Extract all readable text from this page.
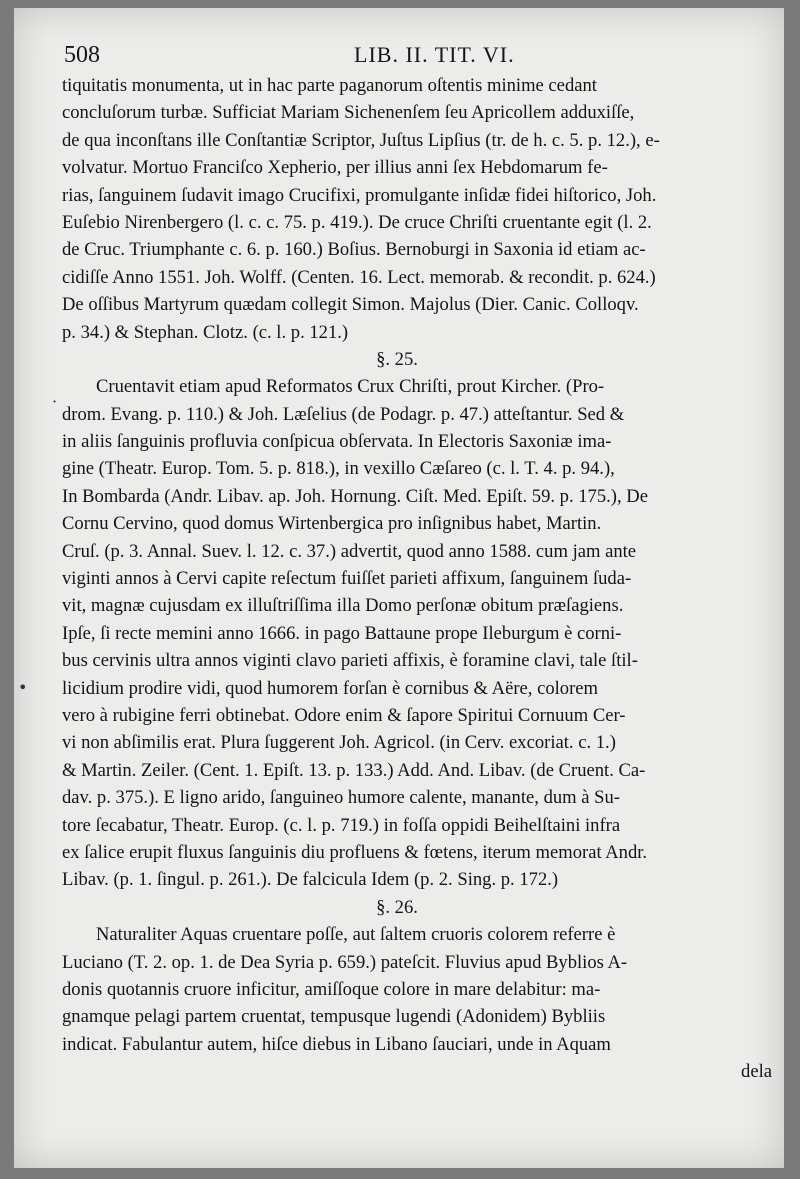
508	LIB. II. TIT. VI.
tiquitatis monumenta, ut in hac parte paganorum oſtentis minime cedant
concluſorum turbæ. Sufficiat Mariam Sichenenſem ſeu Apricollem adduxiſſe,
de qua inconſtans ille Conſtantiæ Scriptor, Juſtus Lipſius (tr. de h. c. 5. p. 12.), e-
volvatur. Mortuo Franciſco Xepherio, per illius anni ſex Hebdomarum fe-
rias, ſanguinem ſudavit imago Crucifixi, promulgante inſidæ fidei hiſtorico, Joh.
Euſebio Nirenbergero (l. c. c. 75. p. 419.). De cruce Chriſti cruentante egit (l. 2.
de Cruc. Triumphante c. 6. p. 160.) Boſius. Bernoburgi in Saxonia id etiam ac-
cidiſſe Anno 1551. Joh. Wolff. (Centen. 16. Lect. memorab. & recondit. p. 624.)
De oſſibus Martyrum quædam collegit Simon. Majolus (Dier. Canic. Colloqv.
p. 34.) & Stephan. Clotz. (c. l. p. 121.)
§. 25.
Cruentavit etiam apud Reformatos Crux Chriſti, prout Kircher. (Pro-
drom. Evang. p. 110.) & Joh. Læſelius (de Podagr. p. 47.) atteſtantur. Sed &
in aliis ſanguinis profluvia conſpicua obſervata. In Electoris Saxoniæ ima-
gine (Theatr. Europ. Tom. 5. p. 818.), in vexillo Cæſareo (c. l. T. 4. p. 94.),
In Bombarda (Andr. Libav. ap. Joh. Hornung. Ciſt. Med. Epiſt. 59. p. 175.), De
Cornu Cervino, quod domus Wirtenbergica pro inſignibus habet, Martin.
Cruſ. (p. 3. Annal. Suev. l. 12. c. 37.) advertit, quod anno 1588. cum jam ante
viginti annos à Cervi capite reſectum fuiſſet parieti affixum, ſanguinem ſuda-
vit, magnæ cujusdam ex illuſtriſſima illa Domo perſonæ obitum præſagiens.
Ipſe, ſi recte memini anno 1666. in pago Battaune prope Ileburgum è corni-
bus cervinis ultra annos viginti clavo parieti affixis, è foramine clavi, tale ſtil-
licidium prodire vidi, quod humorem forſan è cornibus & Aëre, colorem
vero à rubigine ferri obtinebat. Odore enim & ſapore Spiritui Cornuum Cer-
vi non abſimilis erat. Plura ſuggerent Joh. Agricol. (in Cerv. excoriat. c. 1.)
& Martin. Zeiler. (Cent. 1. Epiſt. 13. p. 133.) Add. And. Libav. (de Cruent. Ca-
dav. p. 375.). E ligno arido, ſanguineo humore calente, manante, dum à Su-
tore ſecabatur, Theatr. Europ. (c. l. p. 719.) in foſſa oppidi Beihelſtaini infra
ex ſalice erupit fluxus ſanguinis diu profluens & fœtens, iterum memorat Andr.
Libav. (p. 1. ſingul. p. 261.). De falcicula Idem (p. 2. Sing. p. 172.)
§. 26.
Naturaliter Aquas cruentare poſſe, aut ſaltem cruoris colorem referre è
Luciano (T. 2. op. 1. de Dea Syria p. 659.) pateſcit. Fluvius apud Byblios A-
donis quotannis cruore inficitur, amiſſoque colore in mare delabitur: ma-
gnamque pelagi partem cruentat, tempusque lugendi (Adonidem) Bybliis
indicat. Fabulantur autem, hiſce diebus in Libano ſauciari, unde in Aquam
dela
•
·
